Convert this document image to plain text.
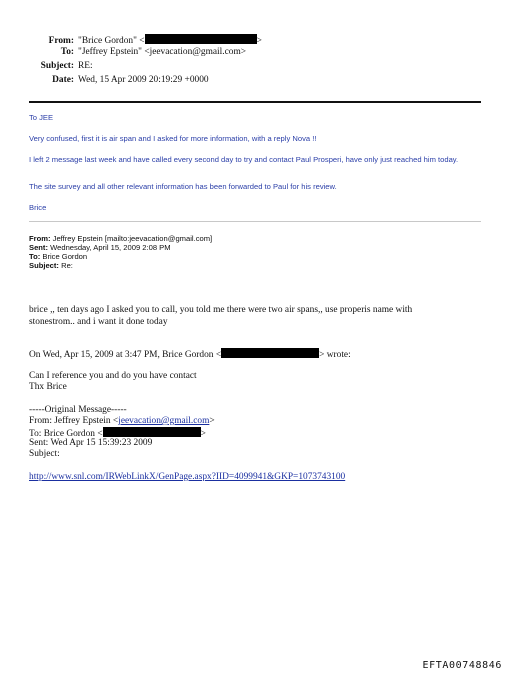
From: "Brice Gordon" <	>
To: "Jeffrey Epstein" <jeevacation@gmail.com>
Subject: RE:
Date: Wed, 15 Apr 2009 20:19:29 +0000
To JEE
Very confused, first it is air span and I asked for more information, with a reply Nova !!
I left 2 message last week and have called every second day to try and contact Paul Prosperi, have only just reached him today.
The site survey and all other relevant information has been forwarded to Paul for his review.
Brice
From: Jeffrey Epstein [mailto:jeevacation@gmail.com]
Sent: Wednesday, April 15, 2009 2:08 PM
To: Brice Gordon
Subject: Re:
brice ,, ten days ago I asked you to call, you told me there were two air spans,, use properis name with
stonestrom.. and i want it done today
On Wed, Apr 15, 2009 at 3:47 PM, Brice Gordon <	> wrote:
Can I reference you and do you have contact
Thx Brice
-----Original Message-----
From: Jeffrey Epstein <jeevacation@gmail.com>
To: Brice Gordon <	>
Sent: Wed Apr 15 15:39:23 2009
Subject:
http://www.snl.com/IRWebLinkX/GenPage.aspx?IID=4099941&GKP=1073743100
EFTA00748846
